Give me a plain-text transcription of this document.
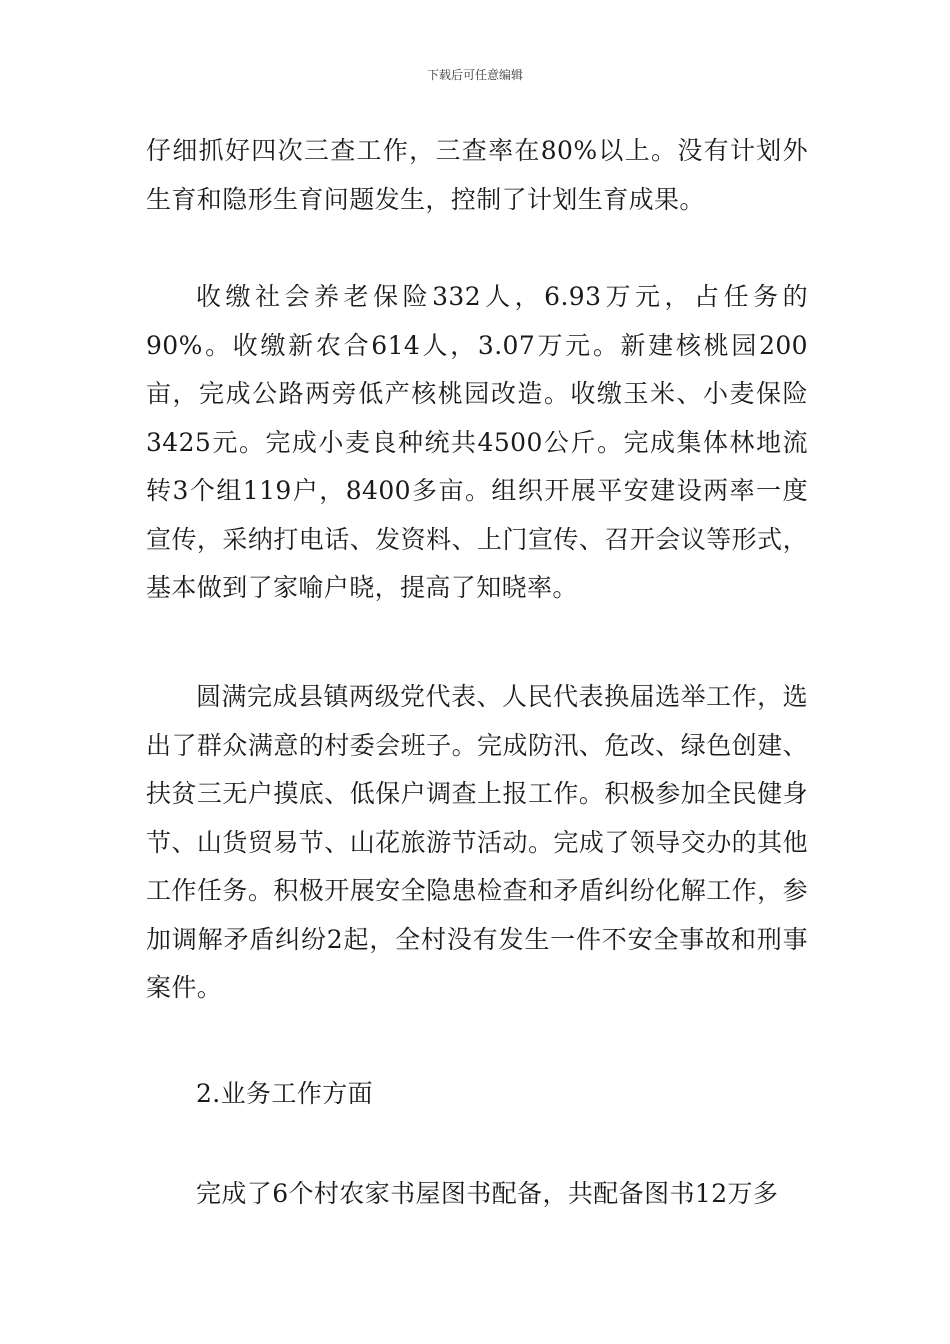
下载后可任意编辑

仔细抓好四次三查工作，三查率在80%以上。没有计划外生育和隐形生育问题发生，控制了计划生育成果。

收缴社会养老保险332人，6.93万元，占任务的90%。收缴新农合614人，3.07万元。新建核桃园200亩，完成公路两旁低产核桃园改造。收缴玉米、小麦保险3425元。完成小麦良种统共4500公斤。完成集体林地流转3个组119户，8400多亩。组织开展平安建设两率一度宣传，采纳打电话、发资料、上门宣传、召开会议等形式，基本做到了家喻户晓，提高了知晓率。

圆满完成县镇两级党代表、人民代表换届选举工作，选出了群众满意的村委会班子。完成防汛、危改、绿色创建、扶贫三无户摸底、低保户调查上报工作。积极参加全民健身节、山货贸易节、山花旅游节活动。完成了领导交办的其他工作任务。积极开展安全隐患检查和矛盾纠纷化解工作，参加调解矛盾纠纷2起，全村没有发生一件不安全事故和刑事案件。

2.业务工作方面

完成了6个村农家书屋图书配备，共配备图书12万多
